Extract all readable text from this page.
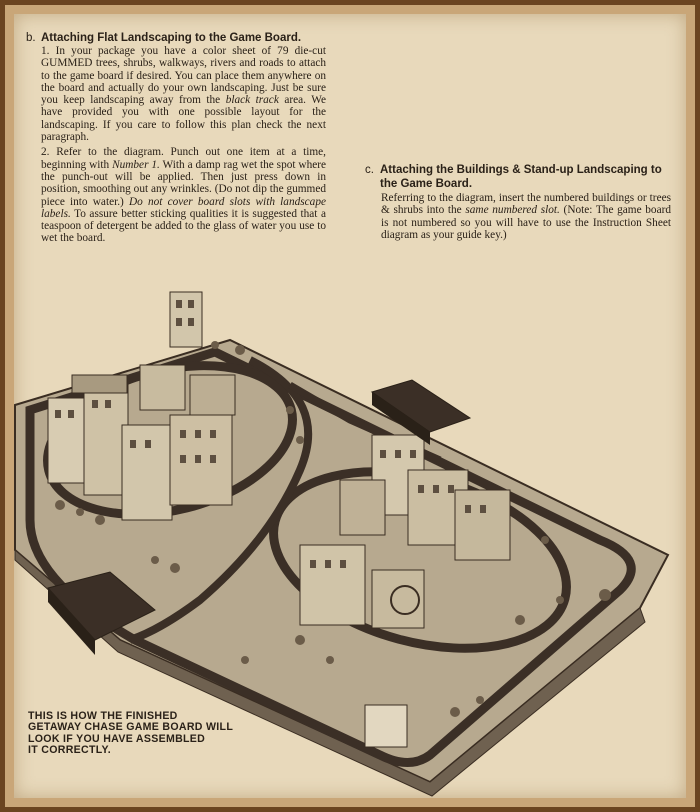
b. Attaching Flat Landscaping to the Game Board.

1. In your package you have a color sheet of 79 die-cut GUMMED trees, shrubs, walkways, rivers and roads to attach to the game board if desired. You can place them anywhere on the board and actually do your own landscaping. Just be sure you keep landscaping away from the black track area. We have provided you with one possible layout for the landscaping. If you care to follow this plan check the next paragraph.

2. Refer to the diagram. Punch out one item at a time, beginning with Number 1. With a damp rag wet the spot where the punch-out will be applied. Then just press down in position, smoothing out any wrinkles. (Do not dip the gummed piece into water.) Do not cover board slots with landscape labels. To assure better sticking qualities it is suggested that a teaspoon of detergent be added to the glass of water you use to wet the board.

c. Attaching the Buildings & Stand-up Landscaping to the Game Board.

Referring to the diagram, insert the numbered buildings or trees & shrubs into the same numbered slot. (Note: The game board is not numbered so you will have to use the Instruction Sheet diagram as your guide key.)

THIS IS HOW THE FINISHED
GETAWAY CHASE GAME BOARD WILL
LOOK IF YOU HAVE ASSEMBLED
IT CORRECTLY.
